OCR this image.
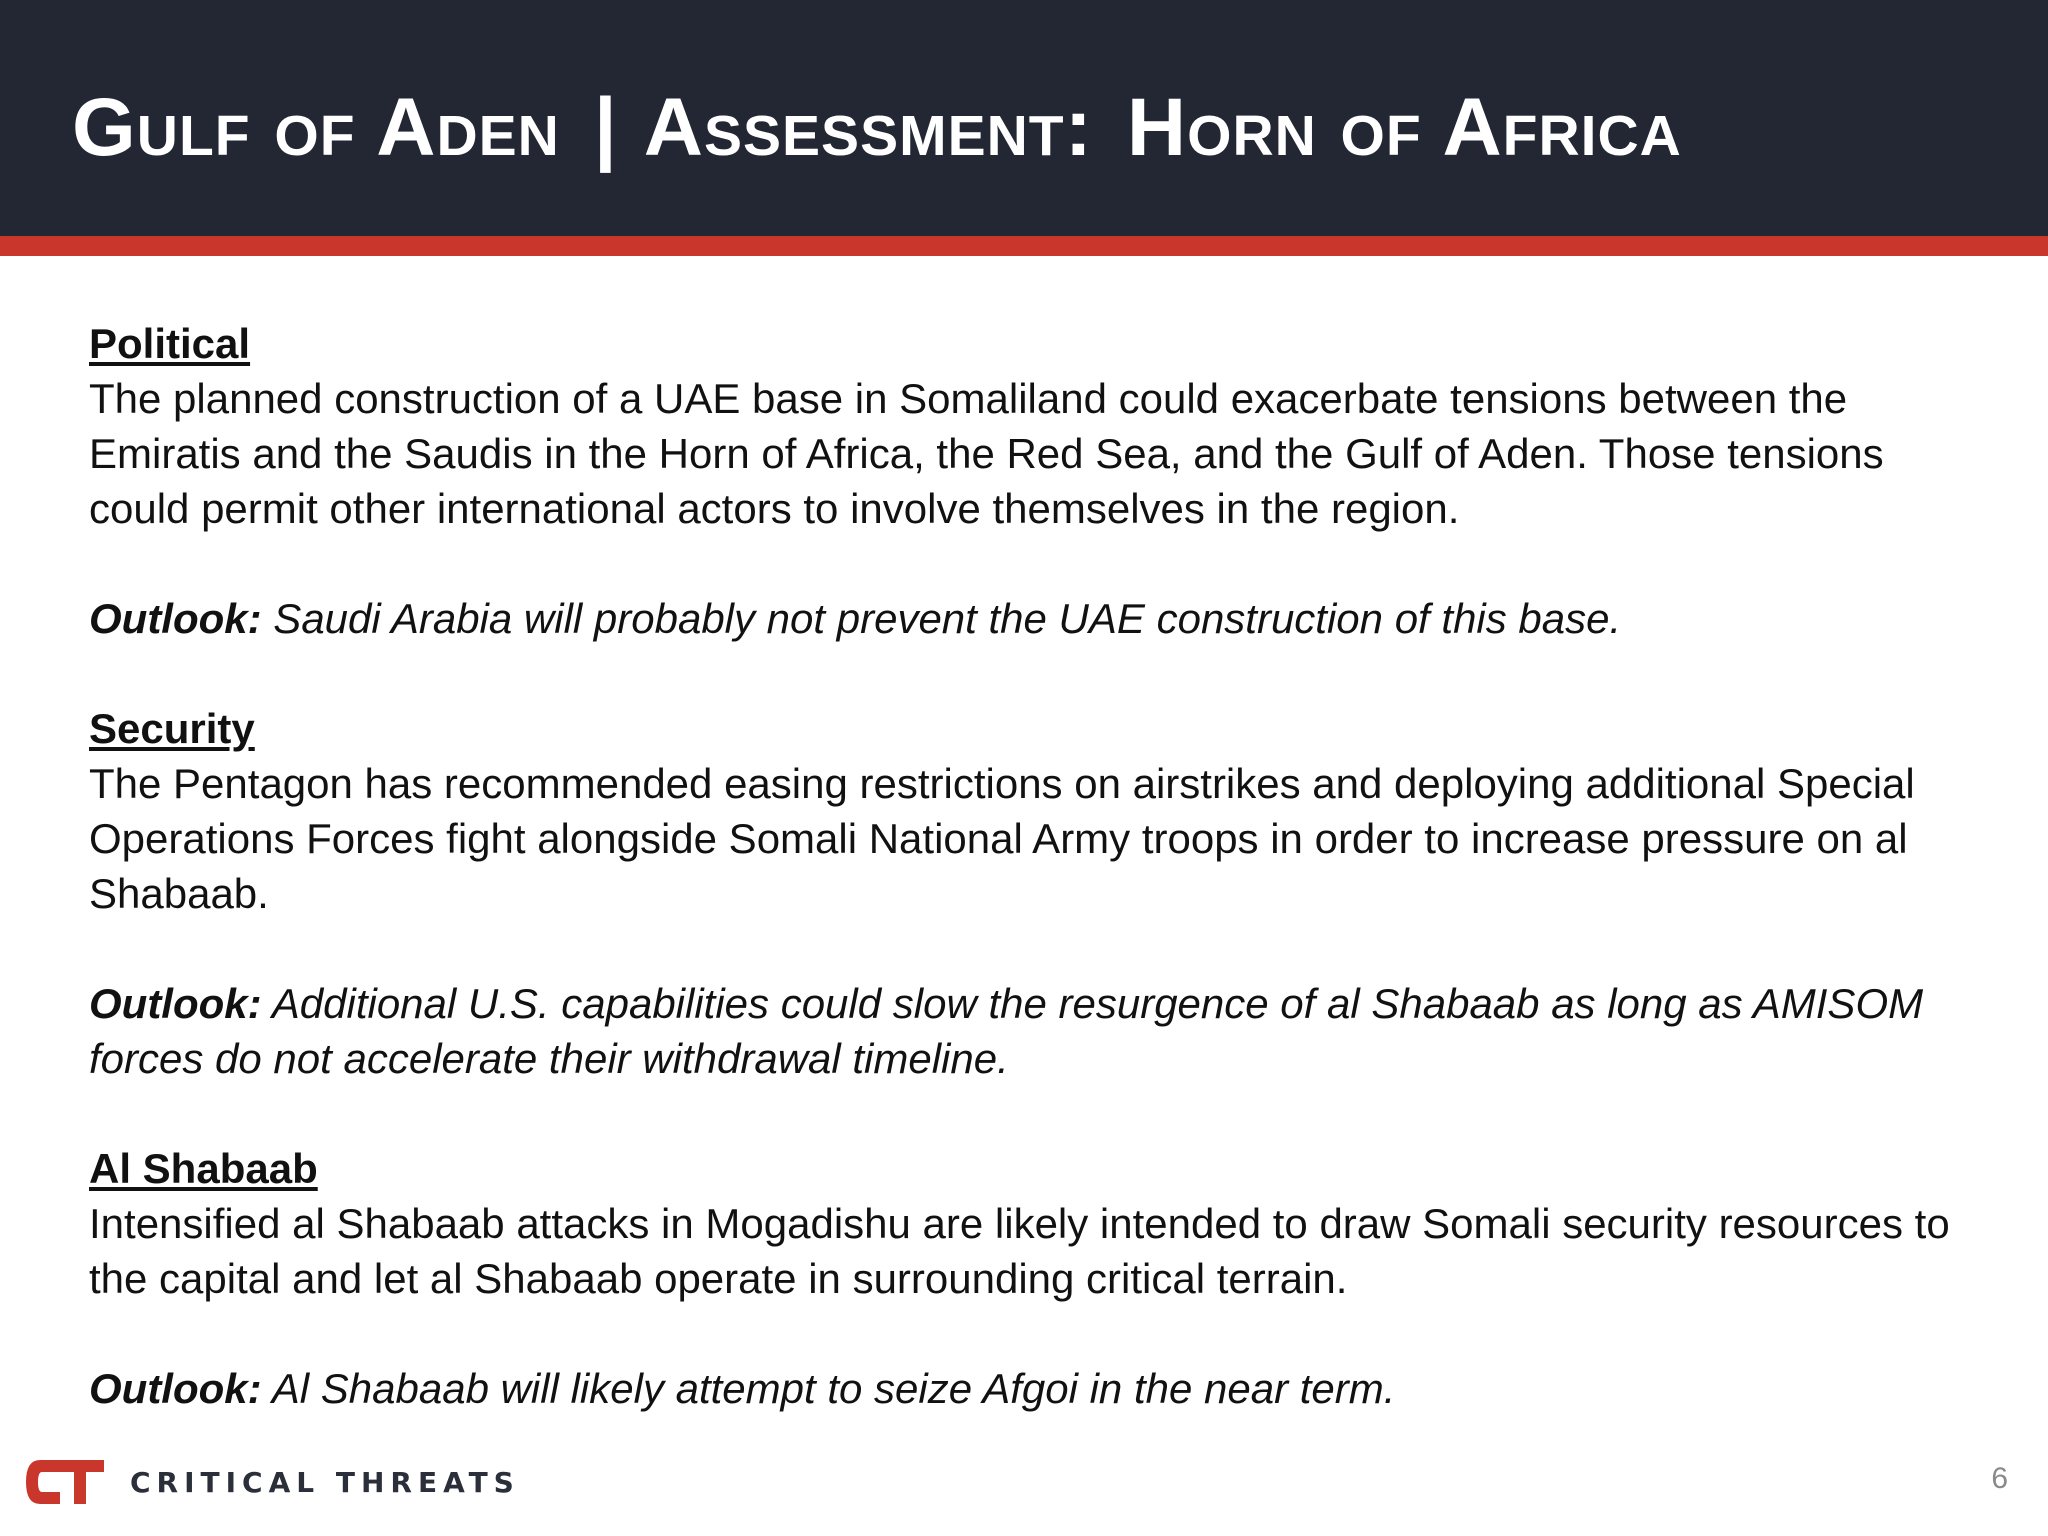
Gulf of Aden | Assessment: Horn of Africa
Political

The planned construction of a UAE base in Somaliland could exacerbate tensions between the Emiratis and the Saudis in the Horn of Africa, the Red Sea, and the Gulf of Aden. Those tensions could permit other international actors to involve themselves in the region.

Outlook: Saudi Arabia will probably not prevent the UAE construction of this base.

Security

The Pentagon has recommended easing restrictions on airstrikes and deploying additional Special Operations Forces fight alongside Somali National Army troops in order to increase pressure on al Shabaab.

Outlook: Additional U.S. capabilities could slow the resurgence of al Shabaab as long as AMISOM forces do not accelerate their withdrawal timeline.

Al Shabaab

Intensified al Shabaab attacks in Mogadishu are likely intended to draw Somali security resources to the capital and let al Shabaab operate in surrounding critical terrain.

Outlook: Al Shabaab will likely attempt to seize Afgoi in the near term.

CRITICAL THREATS	6
